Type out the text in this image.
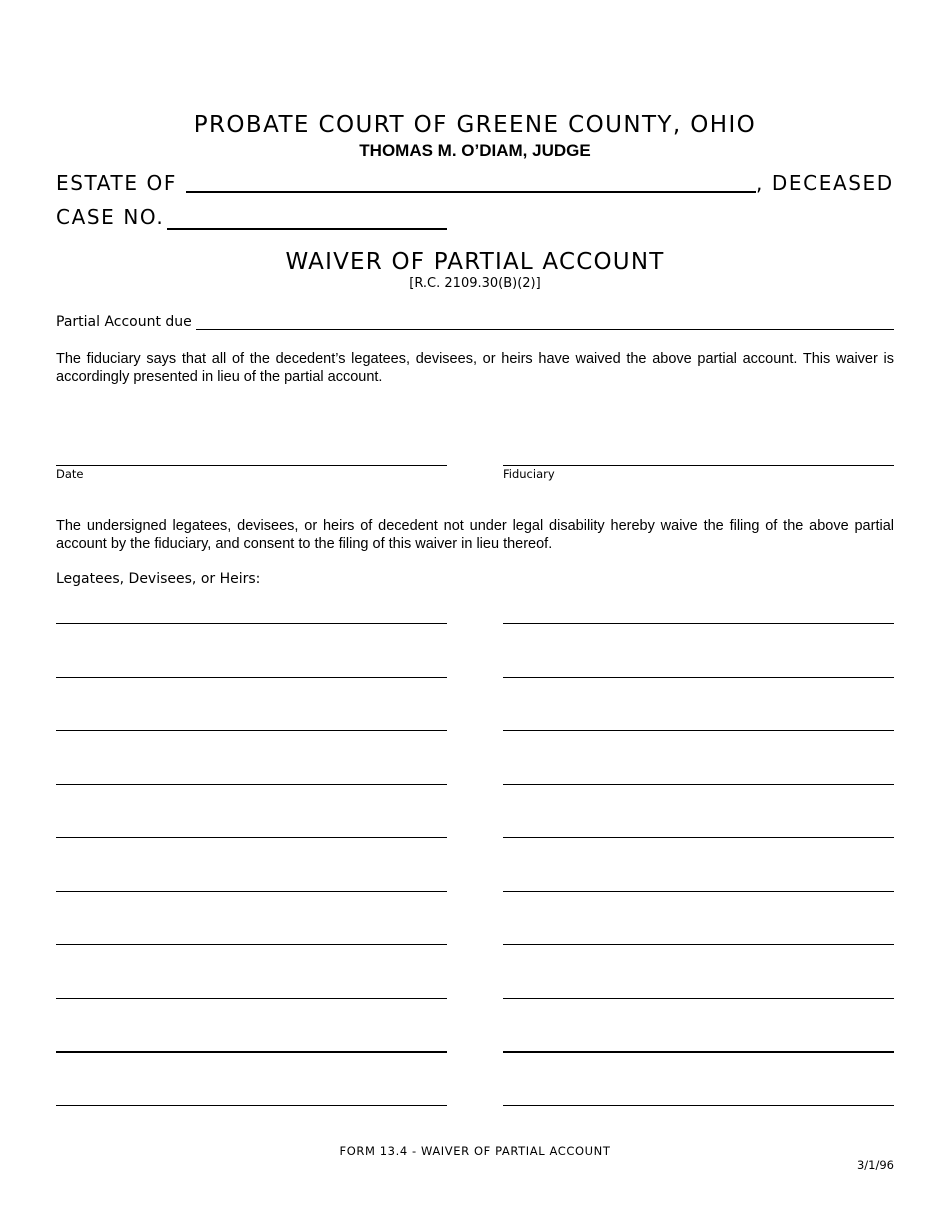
PROBATE COURT OF GREENE COUNTY, OHIO
THOMAS M. O’DIAM, JUDGE
ESTATE OF	, DECEASED
CASE NO.
WAIVER OF PARTIAL ACCOUNT
[R.C. 2109.30(B)(2)]
Partial Account due
The fiduciary says that all of the decedent’s legatees, devisees, or heirs have waived the above partial account. This waiver is accordingly presented in lieu of the partial account.
Date	Fiduciary
The undersigned legatees, devisees, or heirs of decedent not under legal disability hereby waive the filing of the above partial account by the fiduciary, and consent to the filing of this waiver in lieu thereof.
Legatees, Devisees, or Heirs:
FORM 13.4 - WAIVER OF PARTIAL ACCOUNT
3/1/96
